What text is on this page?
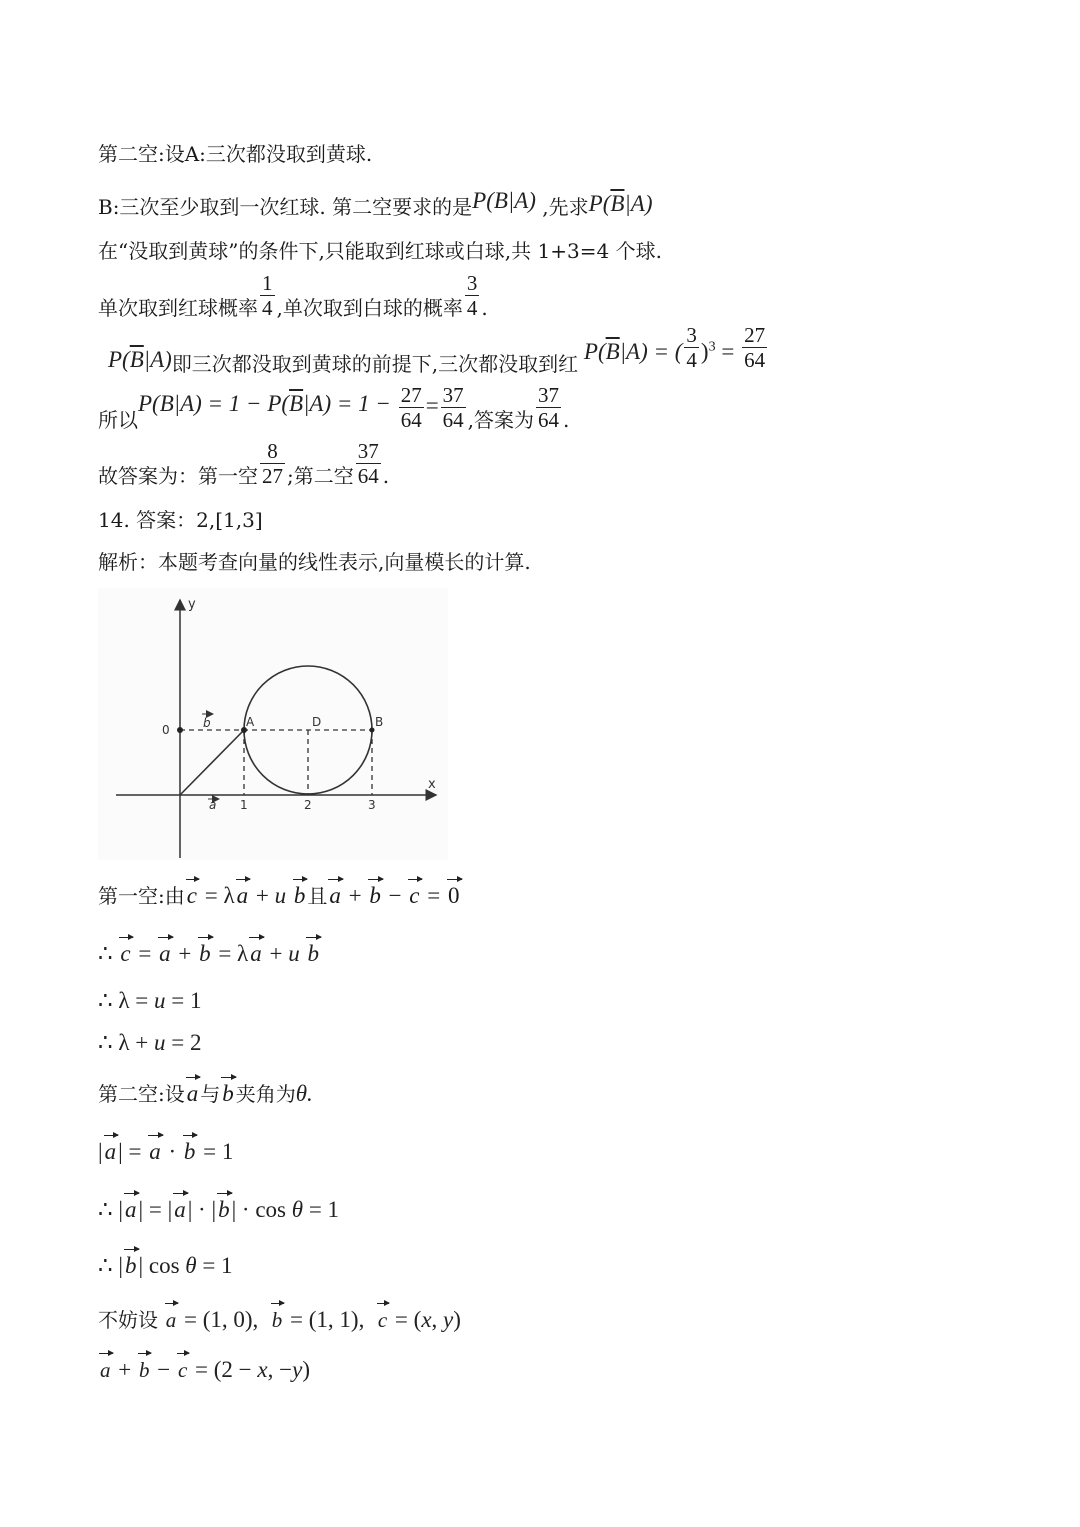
第二空:设A:三次都没取到黄球.
B:三次至少取到一次红球. 第二空要求的是P(B|A) ,先求$P(\overline{B}|A)$
在“没取到黄球”的条件下,只能取到红球或白球,共 1+3=4 个球.
单次取到红球概率 $\frac{1}{4}$ ,单次取到白球的概率 $\frac{3}{4}$ .
$P(\overline{B}|A)$即三次都没取到黄球的前提下,三次都没取到红 $P(\overline{B}|A)$ = ( $\frac{3}{4} )^3 = \frac{27}{64}$
所以$P(B|A) = 1 - P(\overline{B}|A) = 1 - \frac{27}{64} = \frac{37}{64}$ ,答案为 $\frac{37}{64}$ .
故答案为：第一空 $\frac{8}{27}$ ;第二空 $\frac{37}{64}$ .
14. 答案：2,[1,3]
解析：本题考查向量的线性表示,向量模长的计算.
y
x
0
A	D	B
1	2	3
b
a
第一空:由c = λa + u b 且a + b − c = 0
∴ c = a + b = λa + u b
∴ λ = u = 1
∴ λ + u = 2
第二空:设a 与b 夹角为θ.
|a| = a · b = 1
∴ |a| = |a| · |b| · cos θ = 1
∴ |b| cos θ = 1
不妨设 a = (1, 0),  b = (1, 1),  c = (x, y)
a + b − c = (2 − x, −y)
